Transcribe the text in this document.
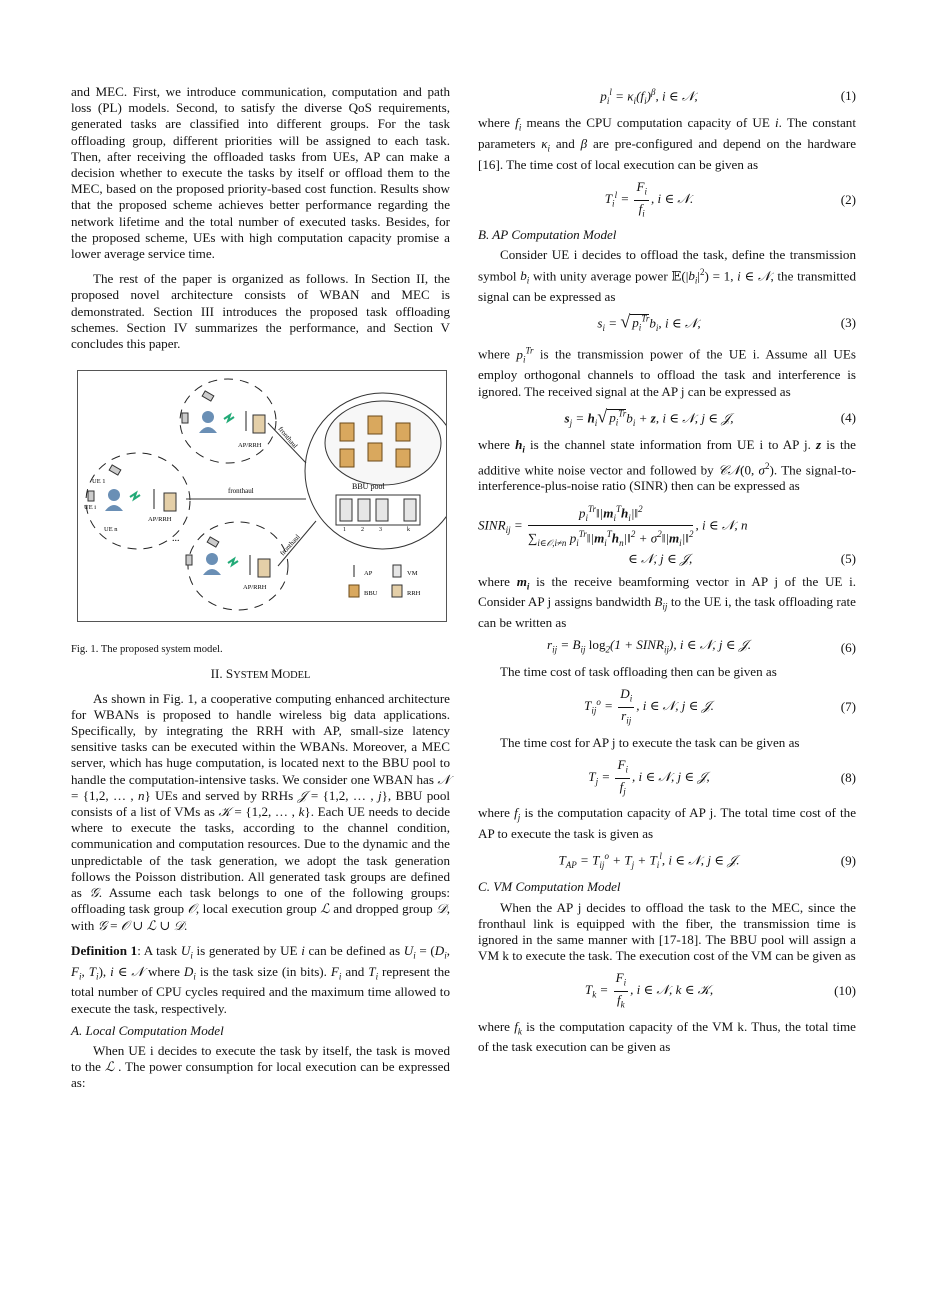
and MEC. First, we introduce communication, computation and path loss (PL) models. Second, to satisfy the diverse QoS requirements, generated tasks are classified into different groups. For the task offloading group, different priorities will be assigned to each task. Then, after receiving the offloaded tasks from UEs, AP can make a decision whether to execute the tasks by itself or offload them to the MEC, based on the proposed priority-based cost function. Results show that the proposed scheme achieves better performance regarding the network lifetime and the total number of executed tasks. Besides, for the proposed scheme, UEs with high computation capacity promise a lower average service time.

The rest of the paper is organized as follows. In Section II, the proposed novel architecture consists of WBAN and MEC is demonstrated. Section III introduces the proposed task offloading schemes. Section IV summarizes the performance, and Section V concludes this paper.

fronthaul
fronthaul
fronthaul
AP/RRH
UE 1
UE i
UE n
AP/RRH
...
AP/RRH
BBU pool
1	2	3	k
AP	VM
BBU	RRH

Fig. 1. The proposed system model.

II. SYSTEM MODEL

As shown in Fig. 1, a cooperative computing enhanced architecture for WBANs is proposed to handle wireless big data applications. Specifically, by integrating the RRH with AP, small-size latency sensitive tasks can be executed within the WBANs. Moreover, a MEC server, which has huge computation, is located next to the BBU pool to handle the computation-intensive tasks. We consider one WBAN has 𝒩 = {1,2, … , n} UEs and served by RRHs 𝒥 = {1,2, … , j}, BBU pool consists of a list of VMs as 𝒦 = {1,2, … , k}. Each UE needs to decide where to execute the tasks, according to the channel condition, communication and computation resources. Due to the dynamic and the unpredictable of the task generation, we adopt the task generation follows the Poisson distribution. All generated task groups are defined as 𝒢. Assume each task belongs to one of the following groups: offloading task group 𝒪, local execution group ℒ and dropped group 𝒟, with 𝒢 = 𝒪 ∪ ℒ ∪ 𝒟.

Definition 1: A task $U_i$ is generated by UE i can be defined as $U_i = (D_i$, $F_i$, $T_i$), i ∈ 𝒩 where $D_i$ is the task size (in bits). $F_i$ and $T_i$ represent the total number of CPU cycles required and the maximum time allowed to execute the task, respectively.

A. Local Computation Model

When UE i decides to execute the task by itself, the task is moved to the ℒ . The power consumption for local execution can be expressed as:

$p_i^l = \kappa_i(f_i)^\beta$, i ∈ 𝒩,	(1)

where $f_i$ means the CPU computation capacity of UE i. The constant parameters $\kappa_i$ and β are pre-configured and depend on the hardware [16]. The time cost of local execution can be given as

$T_i^l = \frac{F_i}{f_i}$ , i ∈ 𝒩.	(2)

B. AP Computation Model

Consider UE i decides to offload the task, define the transmission symbol $b_i$ with unity average power $𝔼(|b_i|^2) = 1$, i ∈ 𝒩, the transmitted signal can be expressed as

$s_i$ = √ $p_i^{Tr}b_i$, i ∈ 𝒩,	(3)

where $p_i^{Tr}$ is the transmission power of the UE i. Assume all UEs employ orthogonal channels to offload the task and interference is ignored. The received signal at the AP j can be expressed as

$s_j = h_i√$ $p_i^{Tr}b_i + z$, i ∈ 𝒩, j ∈ 𝒥,	(4)

where $h_i$ is the channel state information from UE i to AP j. z is the additive white noise vector and followed by 𝒞𝒩(0, $\sigma^2$). The signal-to-interference-plus-noise ratio (SINR) then can be expressed as

$SINR_{ij} = \frac{p_i^{Tr}‖|m_i^Th_i|‖^2}{\sum_{i\in 𝒪,i\ne n} p_i^{Tr}‖|m_i^Th_n|‖^2 + \sigma^2‖|m_i|‖^2}$ , i ∈ 𝒩, n
∈ 𝒩, j ∈ 𝒥,	(5)

where $m_i$ is the receive beamforming vector in AP j of the UE i. Consider AP j assigns bandwidth $B_{ij}$ to the UE i, the task offloading rate can be written as

$r_{ij} = B_{ij}$ $\log_2(1$ + $SINR_{ij}$), i ∈ 𝒩, j ∈ 𝒥.	(6)

The time cost of task offloading then can be given as

$T_{ij}^o = \frac{D_i}{r_{ij}}$ , i ∈ 𝒩, j ∈ 𝒥.	(7)

The time cost for AP j to execute the task can be given as

$T_j = \frac{F_i}{f_j}$ , i ∈ 𝒩, j ∈ 𝒥,	(8)

where $f_j$ is the computation capacity of AP j. The total time cost of the AP to execute the task is given as

$T_{AP} = T_{ij}^o + T_j + T_i^l$, i ∈ 𝒩, j ∈ 𝒥.	(9)

C. VM Computation Model

When the AP j decides to offload the task to the MEC, since the fronthaul link is equipped with the fiber, the transmission time is ignored in the same manner with [17-18]. The BBU pool will assign a VM k to execute the task. The execution cost of the VM can be given as

$T_k = \frac{F_i}{f_k}$ , i ∈ 𝒩, k ∈ 𝒦,	(10)

where $f_k$ is the computation capacity of the VM k. Thus, the total time of the task execution can be given as
